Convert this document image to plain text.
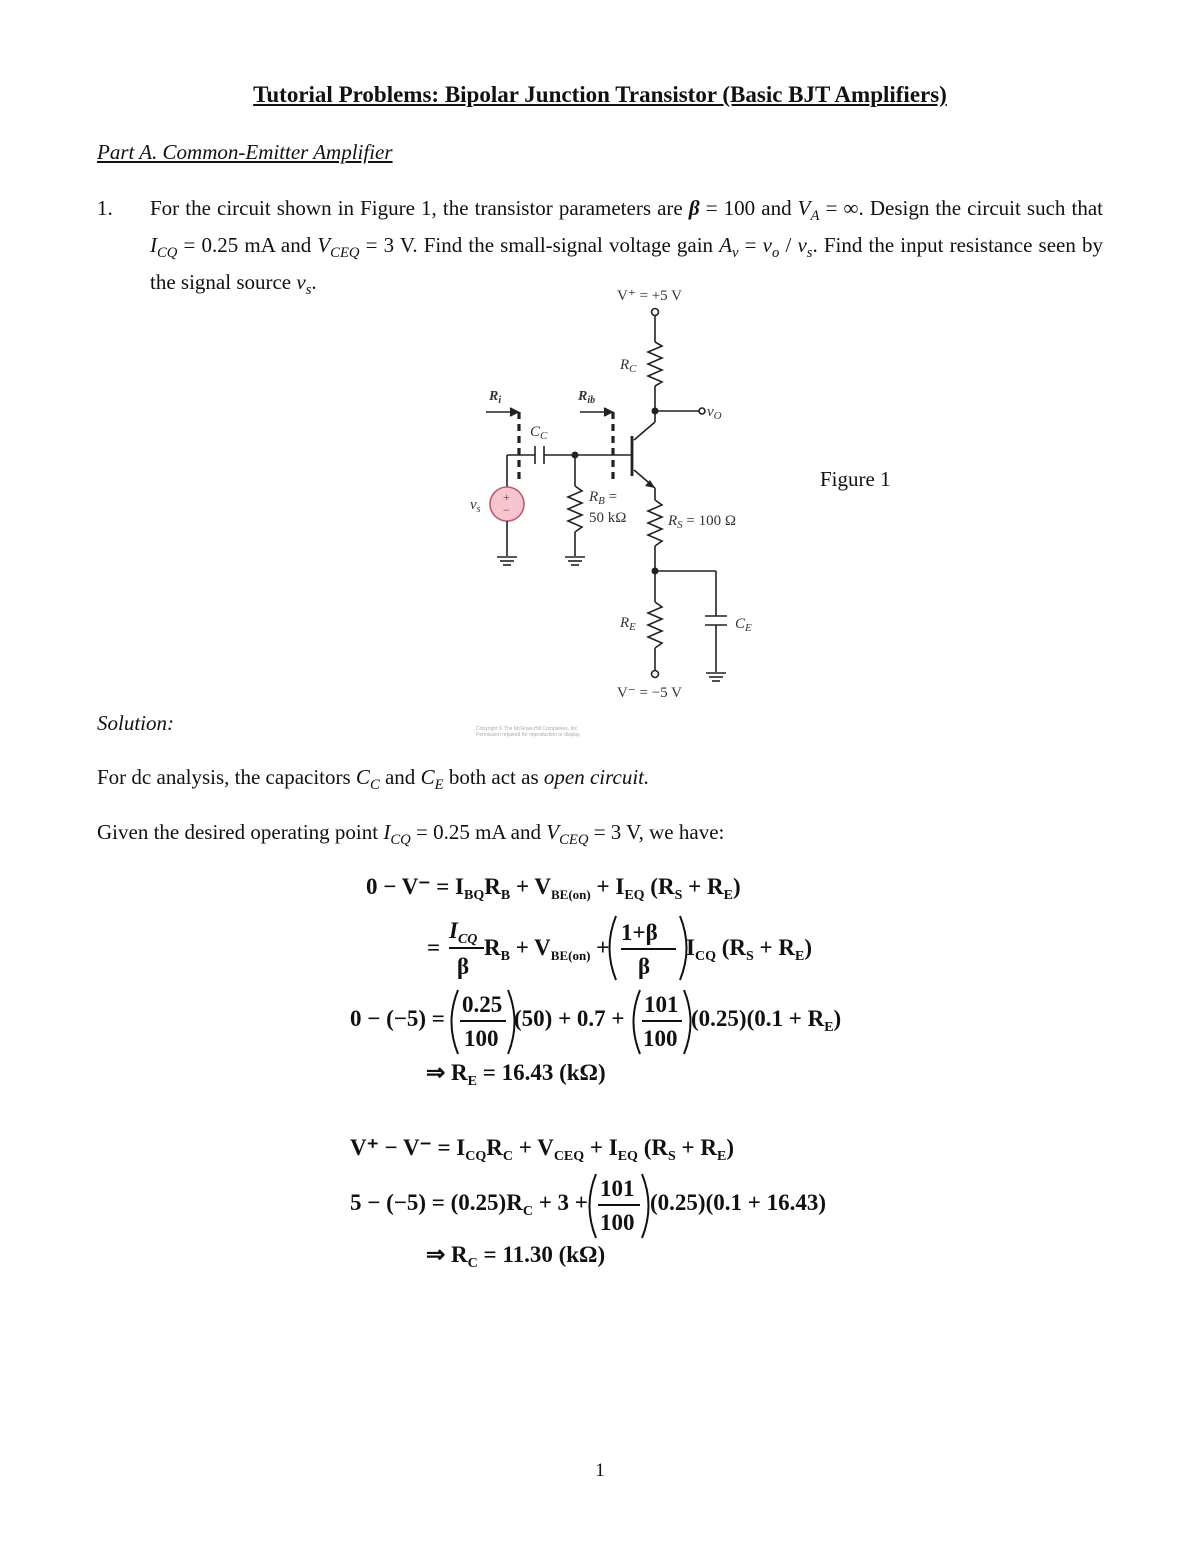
Tutorial Problems: Bipolar Junction Transistor (Basic BJT Amplifiers)
Part A. Common-Emitter Amplifier
1. For the circuit shown in Figure 1, the transistor parameters are β = 100 and $V_A$ = ∞. Design the circuit such that $I_{CQ} = 0.25$ mA and $V_{CEQ} = 3$ V. Find the small-signal voltage gain $A_v = v_o / v_s$. Find the input resistance seen by the signal source $v_s$.
V⁺ = +5 V
V⁻ = −5 V
$R_C$
$R_E$
$R_S = 100$ Ω
$R_B$ =
50 kΩ
$C_C$
$C_E$
$v_O$
$v_s$
$R_i$	$R_{ib}$
+
−
Figure 1
Copyright © The McGraw-Hill Companies, Inc.
Permission required for reproduction or display.
Solution:
For dc analysis, the capacitors $C_C$ and $C_E$ both act as open circuit.
Given the desired operating point $I_{CQ} = 0.25$ mA and $V_{CEQ} = 3$ V, we have:
$0 - V^- = I_{BQ}R_B + V_{BE(on)} + I_{EQ}$ $(R_S + R_E)$
=
$I_{CQ}$
β
$R_B + V_{BE(on)}$ +
1+β
β
$I_{CQ}$ $(R_S + R_E)$
0 − (−5) =
0.25
100
(50) + 0.7 +
101
100
$(0.25)(0.1 + R_E)$
⇒ $R_E = 16.43$ (kΩ)
$V^+ - V^- = I_{CQ}R_C + V_{CEQ} + I_{EQ}$ $(R_S + R_E)$
$5 - (-5) = (0.25)R_C + 3$ +
101
100
(0.25)(0.1 + 16.43)
⇒ $R_C = 11.30$ (kΩ)
1
